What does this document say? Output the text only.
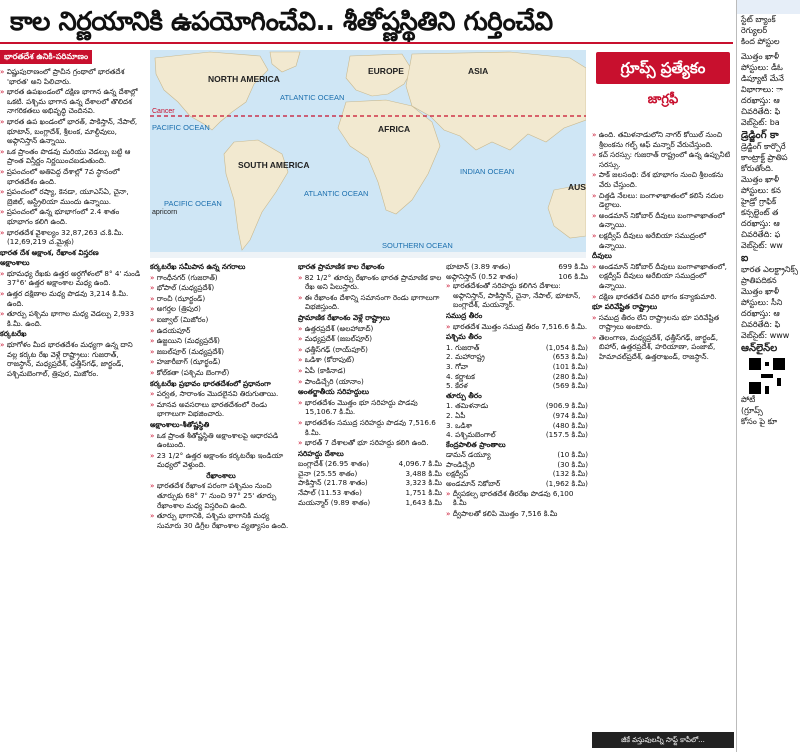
కాల నిర్ణయానికి ఉపయోగించేవి.. శీతోష్ణస్థితిని గుర్తించేవి
భారతదేశ ఉనికి-పరిమాణం

» విష్ణుపురాణంలో ప్రాచీన గ్రంథాలో భారతదేశ 'భారత' అని పిలిచారు.

» భారత ఉపఖండంలో దక్షిణ భాగాన ఉన్న దేశాల్లో ఒకటి. పశ్చిమ భాగాన ఉన్న దేశాలలో తొలిదశ నాగరికతలు అభివృద్ధి చెందినవి.

» భారత ఉప ఖండంలో భారత్, పాకిస్తాన్, నేపాల్, భూటాన్, బంగ్లాదేశ్, శ్రీలంక, మాల్దీవులు, అఫ్గానిస్తాన్ ఉన్నాయి.

» ఒక ప్రాంతం పొడవు మరియు వెడల్పు బట్టి ఆ ప్రాంత విస్తీర్ణం నిర్ణయించబడుతుంది.

» ప్రపంచంలో అతిపెద్ద దేశాల్లో 7వ స్థానంలో భారతదేశం ఉంది.

» ప్రపంచంలో రష్యా, కెనడా, యూఎస్ఏ, చైనా, బ్రెజిల్, ఆస్ట్రేలియా ముందు ఉన్నాయి.

» ప్రపంచంలో ఉన్న భూభాగంలో 2.4 శాతం భూభాగం కలిగి ఉంది.

» భారతదేశ వైశాల్యం 32,87,263 చ.కి.మీ. (12,69,219 చ.మైళ్లు)

భారత దేశ అక్షాంశ, రేఖాంశ విస్తరణ

అక్షాంశాలు

» భూమధ్య రేఖకు ఉత్తర అర్ధగోళంలో 8° 4' నుండి 37°6' ఉత్తర అక్షాంశాల మధ్య ఉంది.

» ఉత్తర దక్షిణాల మధ్య పొడవు 3,214 కి.మీ. ఉంది.

» తూర్పు పశ్చిమ భాగాల మధ్య వెడల్పు 2,933 కి.మీ. ఉంది.

కర్కటరేఖ

» భూగోళం మీద భారతదేశం మధ్యగా ఉన్న దాని వల్ల కర్కట రేఖ వెళ్లే రాష్ట్రాలు: గుజరాత్, రాజస్థాన్, మధ్యప్రదేశ్, ఛత్తీస్‌గఢ్, జార్ఖండ్, పశ్చిమబెంగాల్, త్రిపుర, మిజోరం.

Cancer
apricorn
NORTH AMERICA
SOUTH AMERICA
EUROPE	ASIA
AFRICA
AUS
ATLANTIC OCEAN
ATLANTIC OCEAN
PACIFIC OCEAN
PACIFIC OCEAN
INDIAN OCEAN
SOUTHERN OCEAN
గ్రూప్స్ ప్రత్యేకం
జాగ్రఫీ

కర్కటరేఖ సమీపాన ఉన్న నగరాలు

» గాంధీనగర్ (గుజరాత్)

» భోపాల్ (మధ్యప్రదేశ్)

» రాంచీ (ఝార్ఖండ్)

» అగర్తల (త్రిపుర)

» ఐజ్వాల్ (మిజోరం)

» ఉదయపూర్

» ఉజ్జయిని (మధ్యప్రదేశ్)

» జబల్‌పూర్ (మధ్యప్రదేశ్)

» హజారీబాగ్ (ఝార్ఖండ్)

» కోల్‌కతా (పశ్చిమ బెంగాల్)

కర్కటరేఖ ప్రభావం భారతదేశంలో ప్రధానంగా

» పర్వత, సారాంశం మొదలైనవి తిరుగుతాయి.

» మానవ అవసరాలు భారతదేశంలో రెండు భాగాలుగా విభజించారు.

అక్షాంశాలు-శీతోష్ణస్థితి

» ఒక ప్రాంత శీతోష్ణస్థితి అక్షాంశాలపై ఆధారపడి ఉంటుంది.

» 23 1/2° ఉత్తర అక్షాంశం కర్కటరేఖ ఇండియా మధ్యలో వెళ్తుంది.

రేఖాంశాలు

» భారతదేశ రేఖాంశ పరంగా పశ్చిమం నుంచి తూర్పుకు 68° 7' నుంచి 97° 25' తూర్పు రేఖాంశాల మధ్య విస్తరించి ఉంది.

» తూర్పు భాగానికి, పశ్చిమ భాగానికి మధ్య సుమారు 30 డిగ్రీల రేఖాంశాల వ్యత్యాసం ఉంది.

భారత ప్రామాణిక కాల రేఖాంశం

» 82 1/2° తూర్పు రేఖాంశం భారత ప్రామాణిక కాల రేఖ అని పిలుస్తారు.

» ఈ రేఖాంశం దేశాన్ని సమానంగా రెండు భాగాలుగా విభజిస్తుంది.

ప్రామాణిక రేఖాంశం వెళ్లే రాష్ట్రాలు

» ఉత్తరప్రదేశ్ (అలహాబాద్)

» మధ్యప్రదేశ్ (జబల్‌పూర్)

» ఛత్తీస్‌గఢ్ (రాయ్‌పూర్)

» ఒడిశా (కోరాపుట్)

» ఏపీ (కాకినాడ)

» పాండిచ్చేరి (యానాం)

అంతర్జాతీయ సరిహద్దులు

» భారతదేశం మొత్తం భూ సరిహద్దు పొడవు 15,106.7 కి.మీ.

» భారతదేశం సముద్ర సరిహద్దు పొడవు 7,516.6 కి.మీ.

» భారత్ 7 దేశాలతో భూ సరిహద్దు కలిగి ఉంది.

సరిహద్దు దేశాలు

బంగ్లాదేశ్ (26.95 శాతం)	4,096.7 కి.మీ
చైనా (25.55 శాతం)	3,488 కి.మీ
పాకిస్తాన్ (21.78 శాతం)	3,323 కి.మీ
నేపాల్ (11.53 శాతం)	1,751 కి.మీ
మయన్మార్ (9.89 శాతం)	1,643 కి.మీ
భూటాన్ (3.89 శాతం)	699 కి.మీ
అఫ్గానిస్తాన్ (0.52 శాతం)	106 కి.మీ

» భారతదేశంతో సరిహద్దు కలిగిన దేశాలు: అఫ్గానిస్తాన్, పాకిస్తాన్, చైనా, నేపాల్, భూటాన్, బంగ్లాదేశ్, మయన్మార్.

సముద్ర తీరం

» భారతదేశ మొత్తం సముద్ర తీరం 7,516.6 కి.మీ.

పశ్చిమ తీరం

1. గుజరాత్	(1,054 కి.మీ)
2. మహారాష్ట్ర	(653 కి.మీ)
3. గోవా	(101 కి.మీ)
4. కర్ణాటక	(280 కి.మీ)
5. కేరళ	(569 కి.మీ)

తూర్పు తీరం

1. తమిళనాడు	(906.9 కి.మీ)
2. ఏపీ	(974 కి.మీ)
3. ఒడిశా	(480 కి.మీ)
4. పశ్చిమబెంగాల్	(157.5 కి.మీ)

కేంద్రపాలిత ప్రాంతాలు

డామన్ డయ్యూ	(10 కి.మీ)
పాండిచ్చేరి	(30 కి.మీ)
లక్షద్వీప్	(132 కి.మీ)
అండమాన్ నికోబార్	(1,962 కి.మీ)

» ద్వీపకల్ప భారతదేశ తీరరేఖ పొడవు 6,100 కి.మీ

» ద్వీపాలతో కలిపి మొత్తం 7,516 కి.మీ

» ఉంది. తమిళనాడులోని నాగర్ కోయిల్ నుంచి శ్రీలంకను గల్ఫ్ ఆఫ్ మన్నార్ వేరుచేస్తుంది.

» కచ్ సరస్సు: గుజరాత్ రాష్ట్రంలో ఉన్న ఉప్పునీటి సరస్సు.

» పాక్ జలసంధి: దేశ భూభాగం నుంచి శ్రీలంకను వేరు చేస్తుంది.

» చిత్తడి నేలలు: బంగాళాఖాతంలో కలిసే నదుల డెల్టాలు.

» అండమాన్ నికోబార్ దీవులు బంగాళాఖాతంలో ఉన్నాయి.

» లక్షద్వీప్ దీవులు అరేబియా సముద్రంలో ఉన్నాయి.

దీవులు

» అండమాన్ నికోబార్ దీవులు బంగాళాఖాతంలో, లక్షద్వీప్ దీవులు అరేబియా సముద్రంలో ఉన్నాయి.

» దక్షిణ భారతదేశ చివరి భాగం కన్యాకుమారి.

భూ పరివేష్టిత రాష్ట్రాలు

» సముద్ర తీరం లేని రాష్ట్రాలను భూ పరివేష్టిత రాష్ట్రాలు అంటారు.

» తెలంగాణ, మధ్యప్రదేశ్, ఛత్తీస్‌గఢ్, జార్ఖండ్, బిహార్, ఉత్తరప్రదేశ్, హరియాణా, పంజాబ్, హిమాచల్‌ప్రదేశ్, ఉత్తరాఖండ్, రాజస్థాన్.

జీకే వస్తువులన్నీ సాఫ్ట్ కాపీలో...

స్టేట్ బ్యాంక్

రెగ్యులర్

కింద పోస్టుల

మొత్తం ఖాళీ

పోస్టులు: డీఓ

డిప్యూటీ మేనే

విభాగాలు: ా

దరఖాస్తు: ఆ

చివరితేది: ఫి

వెబ్‌సైట్: ba

డ్రెడ్జింగ్ కా

డ్రెడ్జింగ్ కార్పొరే

కాంట్రాక్ట్ ప్రాతిప

కోరుతోంది.

మొత్తం ఖాళీ

పోస్టులు: కన

హైడ్రో గ్రాఫిక్

కన్సల్టెంట్ త

దరఖాస్తు: ఆ

చివరితేది: ఫ

వెబ్‌సైట్: ww

ఐ

భారత ఎలక్ట్రానిక్స్

ప్రాతిపదికన

మొత్తం ఖాళీ

పోస్టులు: సీని

దరఖాస్తు: ఆ

చివరితేది: ఫి

వెబ్‌సైట్: www

ఆన్‌లైన్‌ల

పోటీ

(గ్రూప్స్

కోసం పై కూ
